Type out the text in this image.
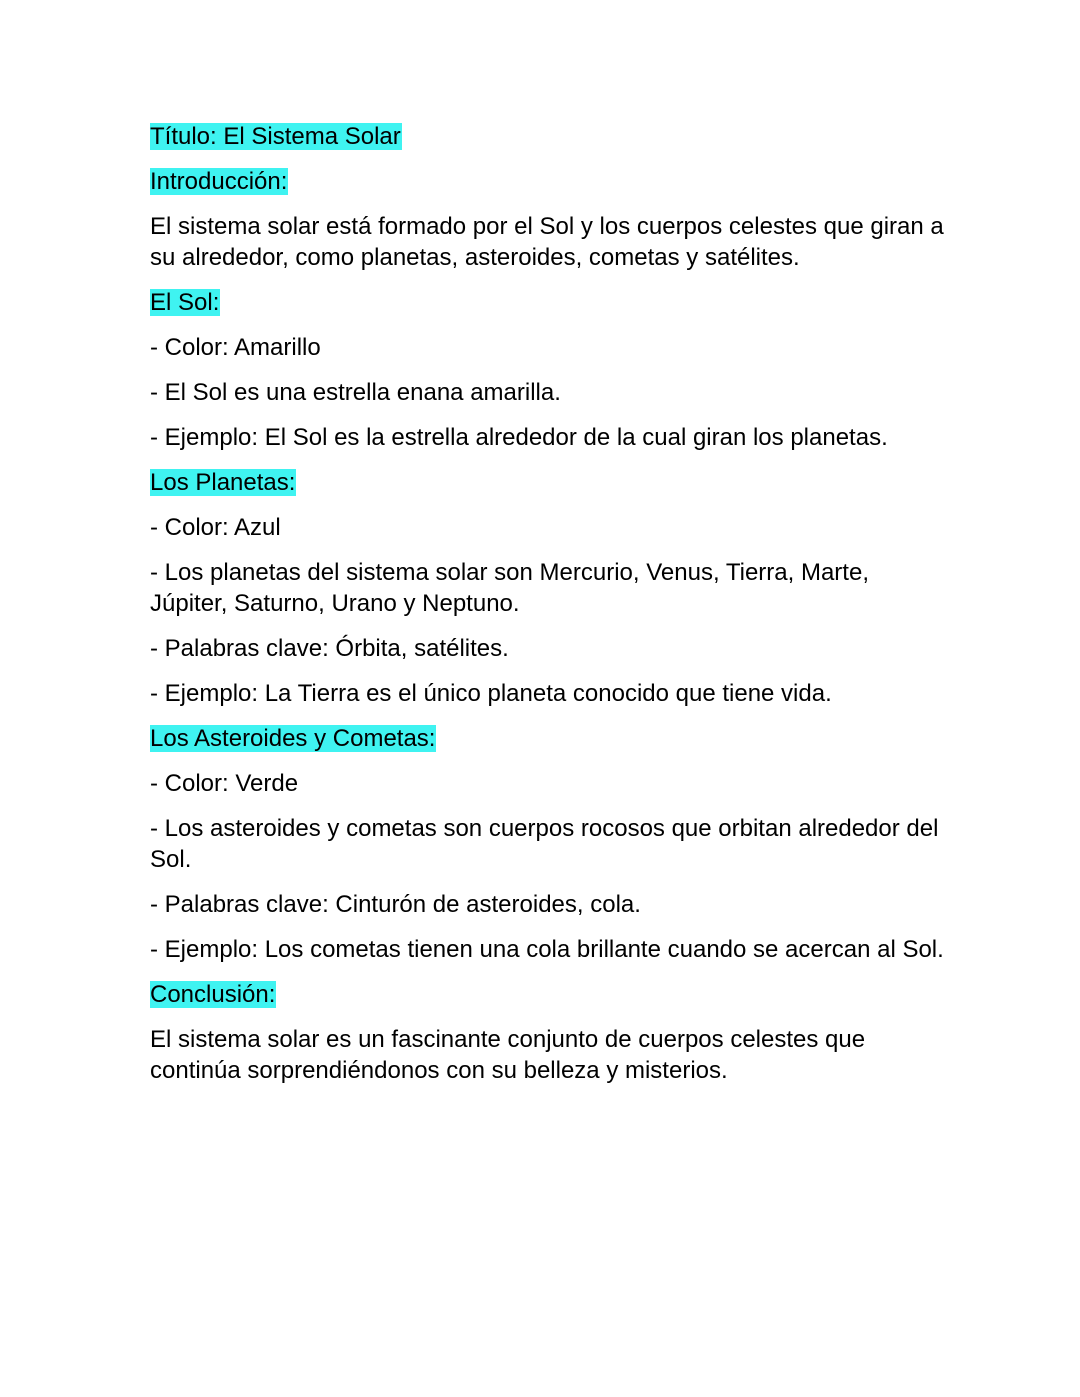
Título: El Sistema Solar
Introducción:
El sistema solar está formado por el Sol y los cuerpos celestes que giran a su alrededor, como planetas, asteroides, cometas y satélites.
El Sol:
- Color: Amarillo
- El Sol es una estrella enana amarilla.
- Ejemplo: El Sol es la estrella alrededor de la cual giran los planetas.
Los Planetas:
- Color: Azul
- Los planetas del sistema solar son Mercurio, Venus, Tierra, Marte, Júpiter, Saturno, Urano y Neptuno.
- Palabras clave: Órbita, satélites.
- Ejemplo: La Tierra es el único planeta conocido que tiene vida.
Los Asteroides y Cometas:
- Color: Verde
- Los asteroides y cometas son cuerpos rocosos que orbitan alrededor del Sol.
- Palabras clave: Cinturón de asteroides, cola.
- Ejemplo: Los cometas tienen una cola brillante cuando se acercan al Sol.
Conclusión:
El sistema solar es un fascinante conjunto de cuerpos celestes que continúa sorprendiéndonos con su belleza y misterios.
